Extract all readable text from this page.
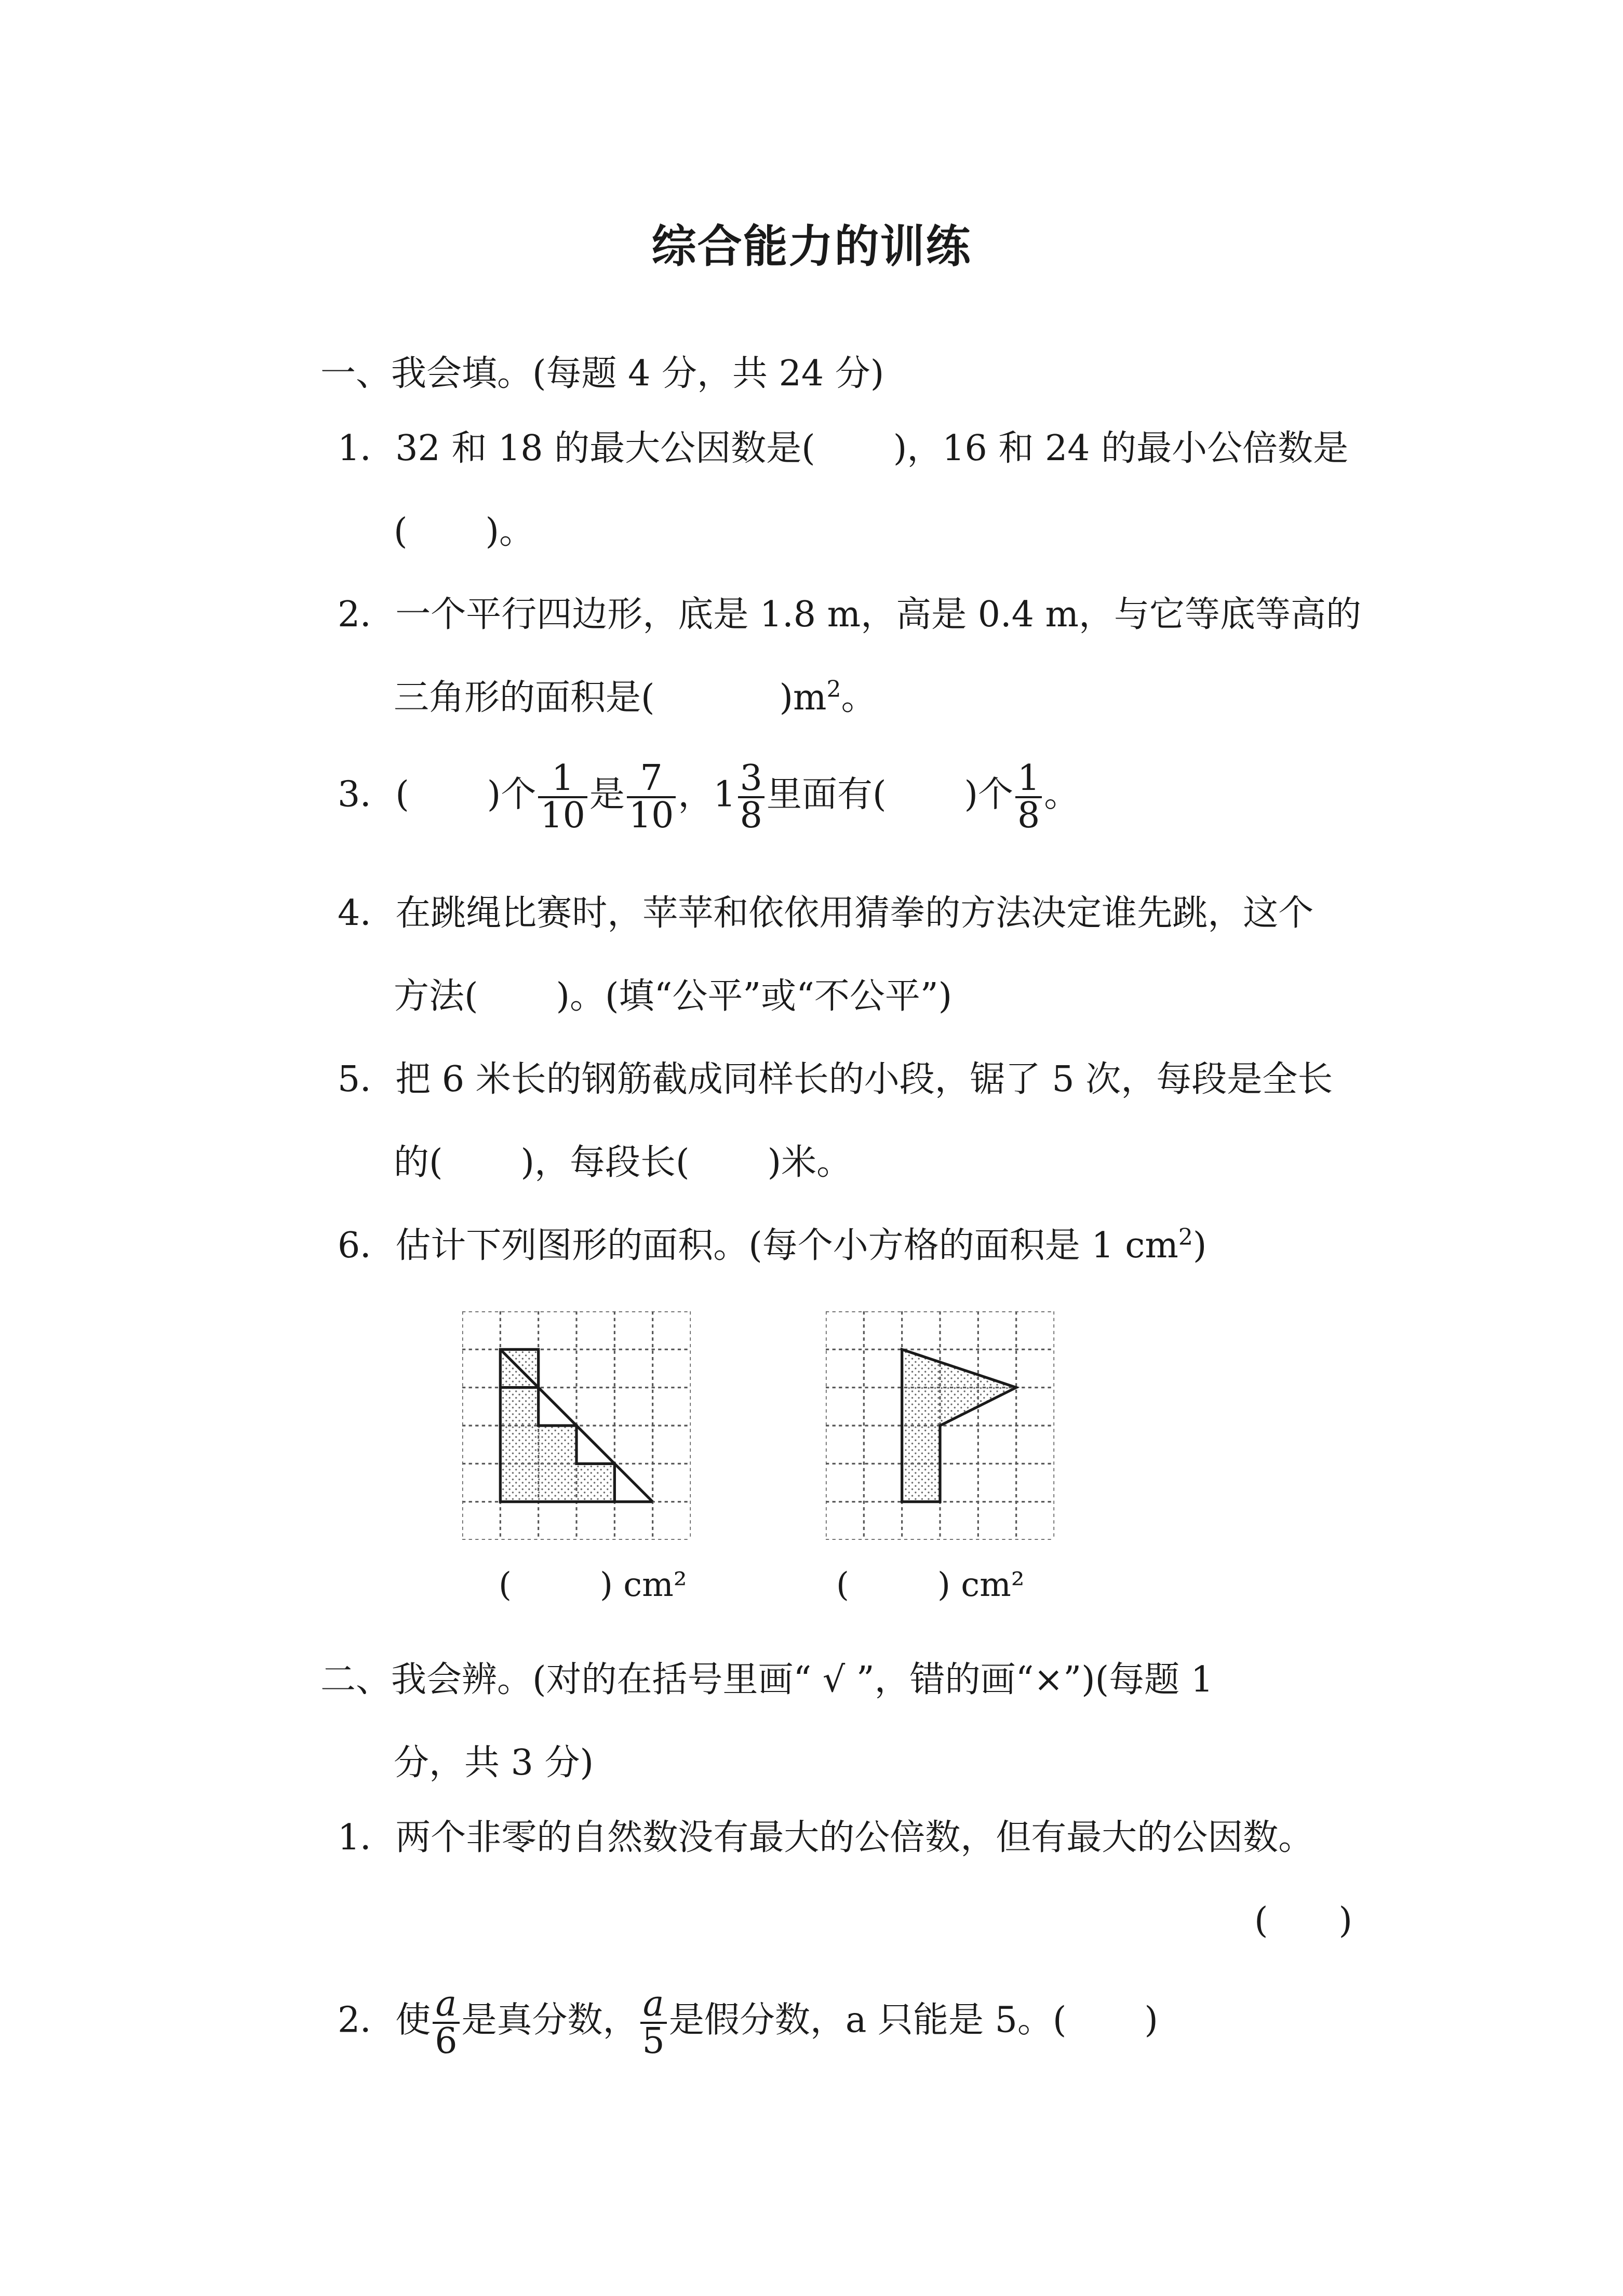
综合能力的训练
一、我会填。(每题 4 分，共 24 分)
1．32 和 18 的最大公因数是( )，16 和 24 的最小公倍数是
( )。
2．一个平行四边形，底是 1.8 m，高是 0.4 m，与它等底等高的
三角形的面积是(	)$m^2$。
3．( )个 $\frac{1}{10}$ 是 $\frac{7}{10}$ ，$1 \frac{3}{8}$ 里面有( )个 $\frac{1}{8}$ 。
4．在跳绳比赛时，苹苹和依依用猜拳的方法决定谁先跳，这个
方法( )。(填“公平”或“不公平”)
5．把 6 米长的钢筋截成同样长的小段，锯了 5 次，每段是全长
的( )，每段长( )米。
6．估计下列图形的面积。(每个小方格的面积是 1 $cm^2$)
(	) cm²	(	) cm²
二、我会辨。(对的在括号里画“ √ ”，错的画“×”)(每题 1
分，共 3 分)
1．两个非零的自然数没有最大的公倍数，但有最大的公因数。
(　　)
2．使 $\frac{a}{6}$ 是真分数， $\frac{a}{5}$ 是假分数，a 只能是 5。( )
